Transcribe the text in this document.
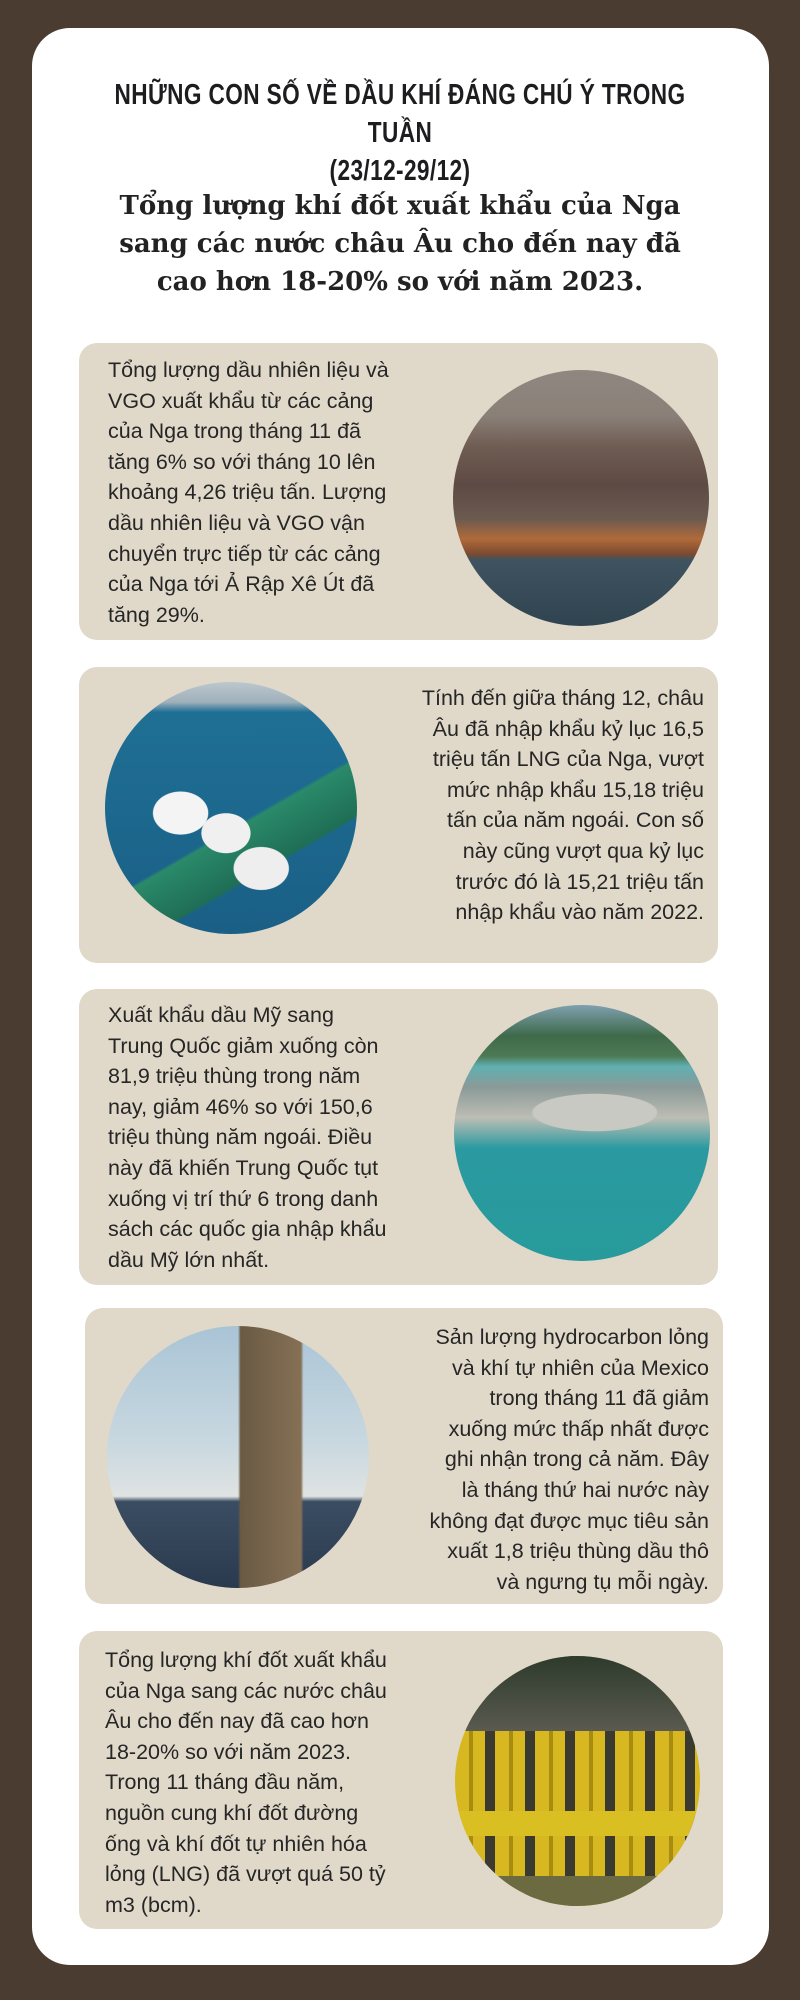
NHỮNG CON SỐ VỀ DẦU KHÍ ĐÁNG CHÚ Ý TRONG TUẦN
(23/12-29/12)
Tổng lượng khí đốt xuất khẩu của Nga
sang các nước châu Âu cho đến nay đã
cao hơn 18-20% so với năm 2023.
Tổng lượng dầu nhiên liệu và
VGO xuất khẩu từ các cảng
của Nga trong tháng 11 đã
tăng 6% so với tháng 10 lên
khoảng 4,26 triệu tấn. Lượng
dầu nhiên liệu và VGO vận
chuyển trực tiếp từ các cảng
của Nga tới Ả Rập Xê Út đã
tăng 29%.
Tính đến giữa tháng 12, châu
Âu đã nhập khẩu kỷ lục 16,5
triệu tấn LNG của Nga, vượt
mức nhập khẩu 15,18 triệu
tấn của năm ngoái. Con số
này cũng vượt qua kỷ lục
trước đó là 15,21 triệu tấn
nhập khẩu vào năm 2022.
Xuất khẩu dầu Mỹ sang
Trung Quốc giảm xuống còn
81,9 triệu thùng trong năm
nay, giảm 46% so với 150,6
triệu thùng năm ngoái. Điều
này đã khiến Trung Quốc tụt
xuống vị trí thứ 6 trong danh
sách các quốc gia nhập khẩu
dầu Mỹ lớn nhất.
Sản lượng hydrocarbon lỏng
và khí tự nhiên của Mexico
trong tháng 11 đã giảm
xuống mức thấp nhất được
ghi nhận trong cả năm. Đây
là tháng thứ hai nước này
không đạt được mục tiêu sản
xuất 1,8 triệu thùng dầu thô
và ngưng tụ mỗi ngày.
Tổng lượng khí đốt xuất khẩu
của Nga sang các nước châu
Âu cho đến nay đã cao hơn
18-20% so với năm 2023.
Trong 11 tháng đầu năm,
nguồn cung khí đốt đường
ống và khí đốt tự nhiên hóa
lỏng (LNG) đã vượt quá 50 tỷ
m3 (bcm).
